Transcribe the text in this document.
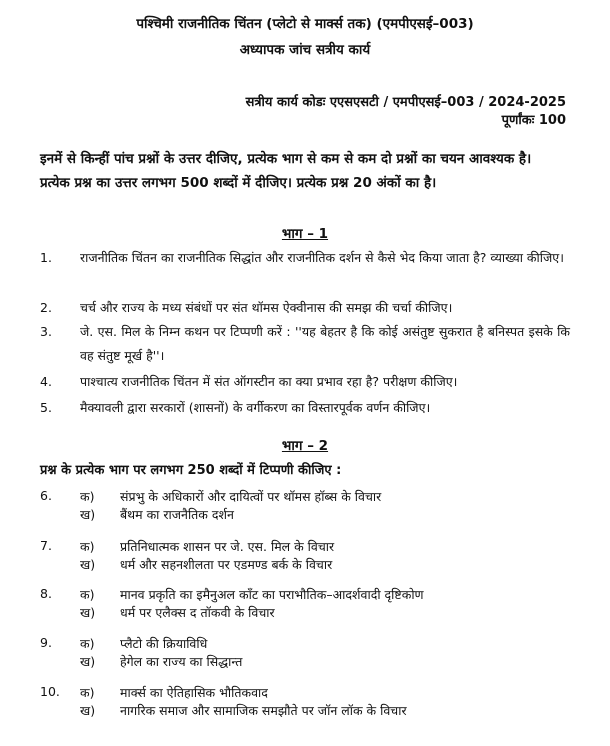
पश्चिमी राजनीतिक चिंतन (प्लेटो से मार्क्स तक) (एमपीएसई–003)
अध्यापक जांच सत्रीय कार्य
सत्रीय कार्य कोडः एएसएसटी / एमपीएसई–003 / 2024-2025
पूर्णांकः 100
इनमें से किन्हीं पांच प्रश्नों के उत्तर दीजिए, प्रत्येक भाग से कम से कम दो प्रश्नों का चयन आवश्यक है।
प्रत्येक प्रश्न का उत्तर लगभग 500 शब्दों में दीजिए। प्रत्येक प्रश्न 20 अंकों का है।
भाग – 1
1.	राजनीतिक चिंतन का राजनीतिक सिद्धांत और राजनीतिक दर्शन से कैसे भेद किया जाता है? व्याख्या कीजिए।
2.	चर्च और राज्य के मध्य संबंधों पर संत थॉमस ऐक्वीनास की समझ की चर्चा कीजिए।
3.	जे. एस. मिल के निम्न कथन पर टिप्पणी करें : ''यह बेहतर है कि कोई असंतुष्ट सुकरात है बनिस्पत इसके कि वह संतुष्ट मूर्ख है''।
4.	पाश्चात्य राजनीतिक चिंतन में संत ऑगस्टीन का क्या प्रभाव रहा है? परीक्षण कीजिए।
5.	मैक्यावली द्वारा सरकारों (शासनों) के वर्गीकरण का विस्तारपूर्वक वर्णन कीजिए।
भाग – 2
प्रश्न के प्रत्येक भाग पर लगभग 250 शब्दों में टिप्पणी कीजिए :
6.	क)	संप्रभु के अधिकारों और दायित्वों पर थॉमस हॉब्स के विचार
ख)	बैंथम का राजनैतिक दर्शन
7.	क)	प्रतिनिधात्मक शासन पर जे. एस. मिल के विचार
ख)	धर्म और सहनशीलता पर एडमण्ड बर्क के विचार
8.	क)	मानव प्रकृति का इमैनुअल कॉंट का पराभौतिक–आदर्शवादी दृष्टिकोण
ख)	धर्म पर एलैक्स द तॉकवी के विचार
9.	क)	प्लैटो की क्रियाविधि
ख)	हेगेल का राज्य का सिद्धान्त
10.	क)	मार्क्स का ऐतिहासिक भौतिकवाद
ख)	नागरिक समाज और सामाजिक समझौते पर जॉन लॉक के विचार
